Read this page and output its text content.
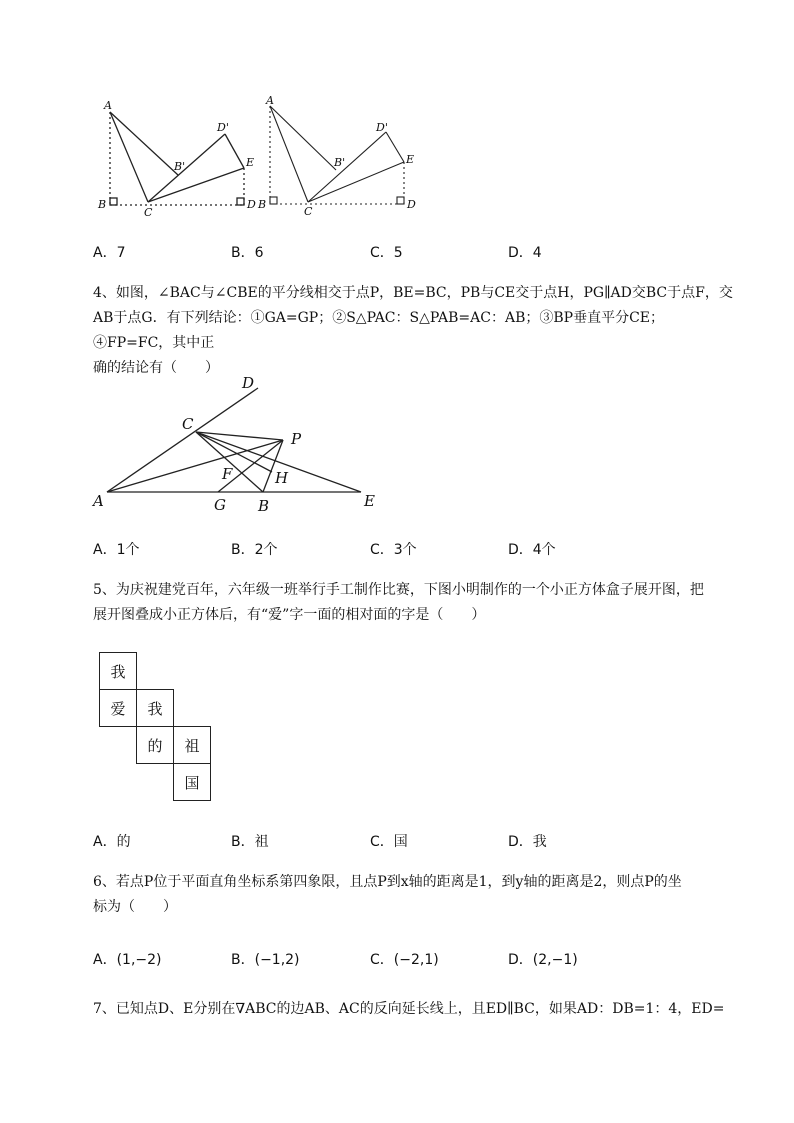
A
B
C
D
E
B'
D'
A
B
C
D
E
B'
D'
A．7	B．6	C．5	D．4
4、如图，∠BAC与∠CBE的平分线相交于点P，BE=BC，PB与CE交于点H，PG∥AD交BC于点F，交
AB于点G．有下列结论：①GA=GP；②S△PAC：S△PAB=AC：AB；③BP垂直平分CE；④FP=FC，其中正
确的结论有（　　）
D
C
P
F	H
A	G B	E
A．1个	B．2个	C．3个	D．4个
5、为庆祝建党百年，六年级一班举行手工制作比赛，下图小明制作的一个小正方体盒子展开图，把
展开图叠成小正方体后，有“爱”字一面的相对面的字是（　　）
我
爱	我
的	祖
国
A．的	B．祖	C．国	D．我
6、若点P位于平面直角坐标系第四象限，且点P到x轴的距离是1，到y轴的距离是2，则点P的坐
标为（　　）
A．(1,−2)	B．(−1,2)	C．(−2,1)	D．(2,−1)
7、已知点D、E分别在∇ABC的边AB、AC的反向延长线上，且ED∥BC，如果AD：DB=1：4，ED=
